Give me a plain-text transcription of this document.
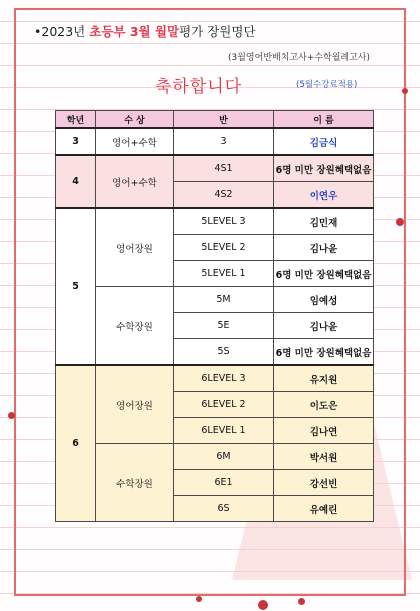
•2023년 초등부 3월 월말평가 장원명단
(3월영어반배치고사+수학월례고사)
축하합니다	(5월수강료적용)
학년	수 상	반	이 름
3	영어+수학	3	김금식
4	영어+수학	4S1	6명 미만 장원혜택없음
		4S2	이연우
5	영어장원	5LEVEL 3	김민재
		5LEVEL 2	김나윤
		5LEVEL 1	6명 미만 장원혜택없음
	수학장원	5M	임예성
		5E	김나윤
		5S	6명 미만 장원혜택없음
6	영어장원	6LEVEL 3	유지원
		6LEVEL 2	이도은
		6LEVEL 1	김나연
	수학장원	6M	박서원
		6E1	강선빈
		6S	유예린
